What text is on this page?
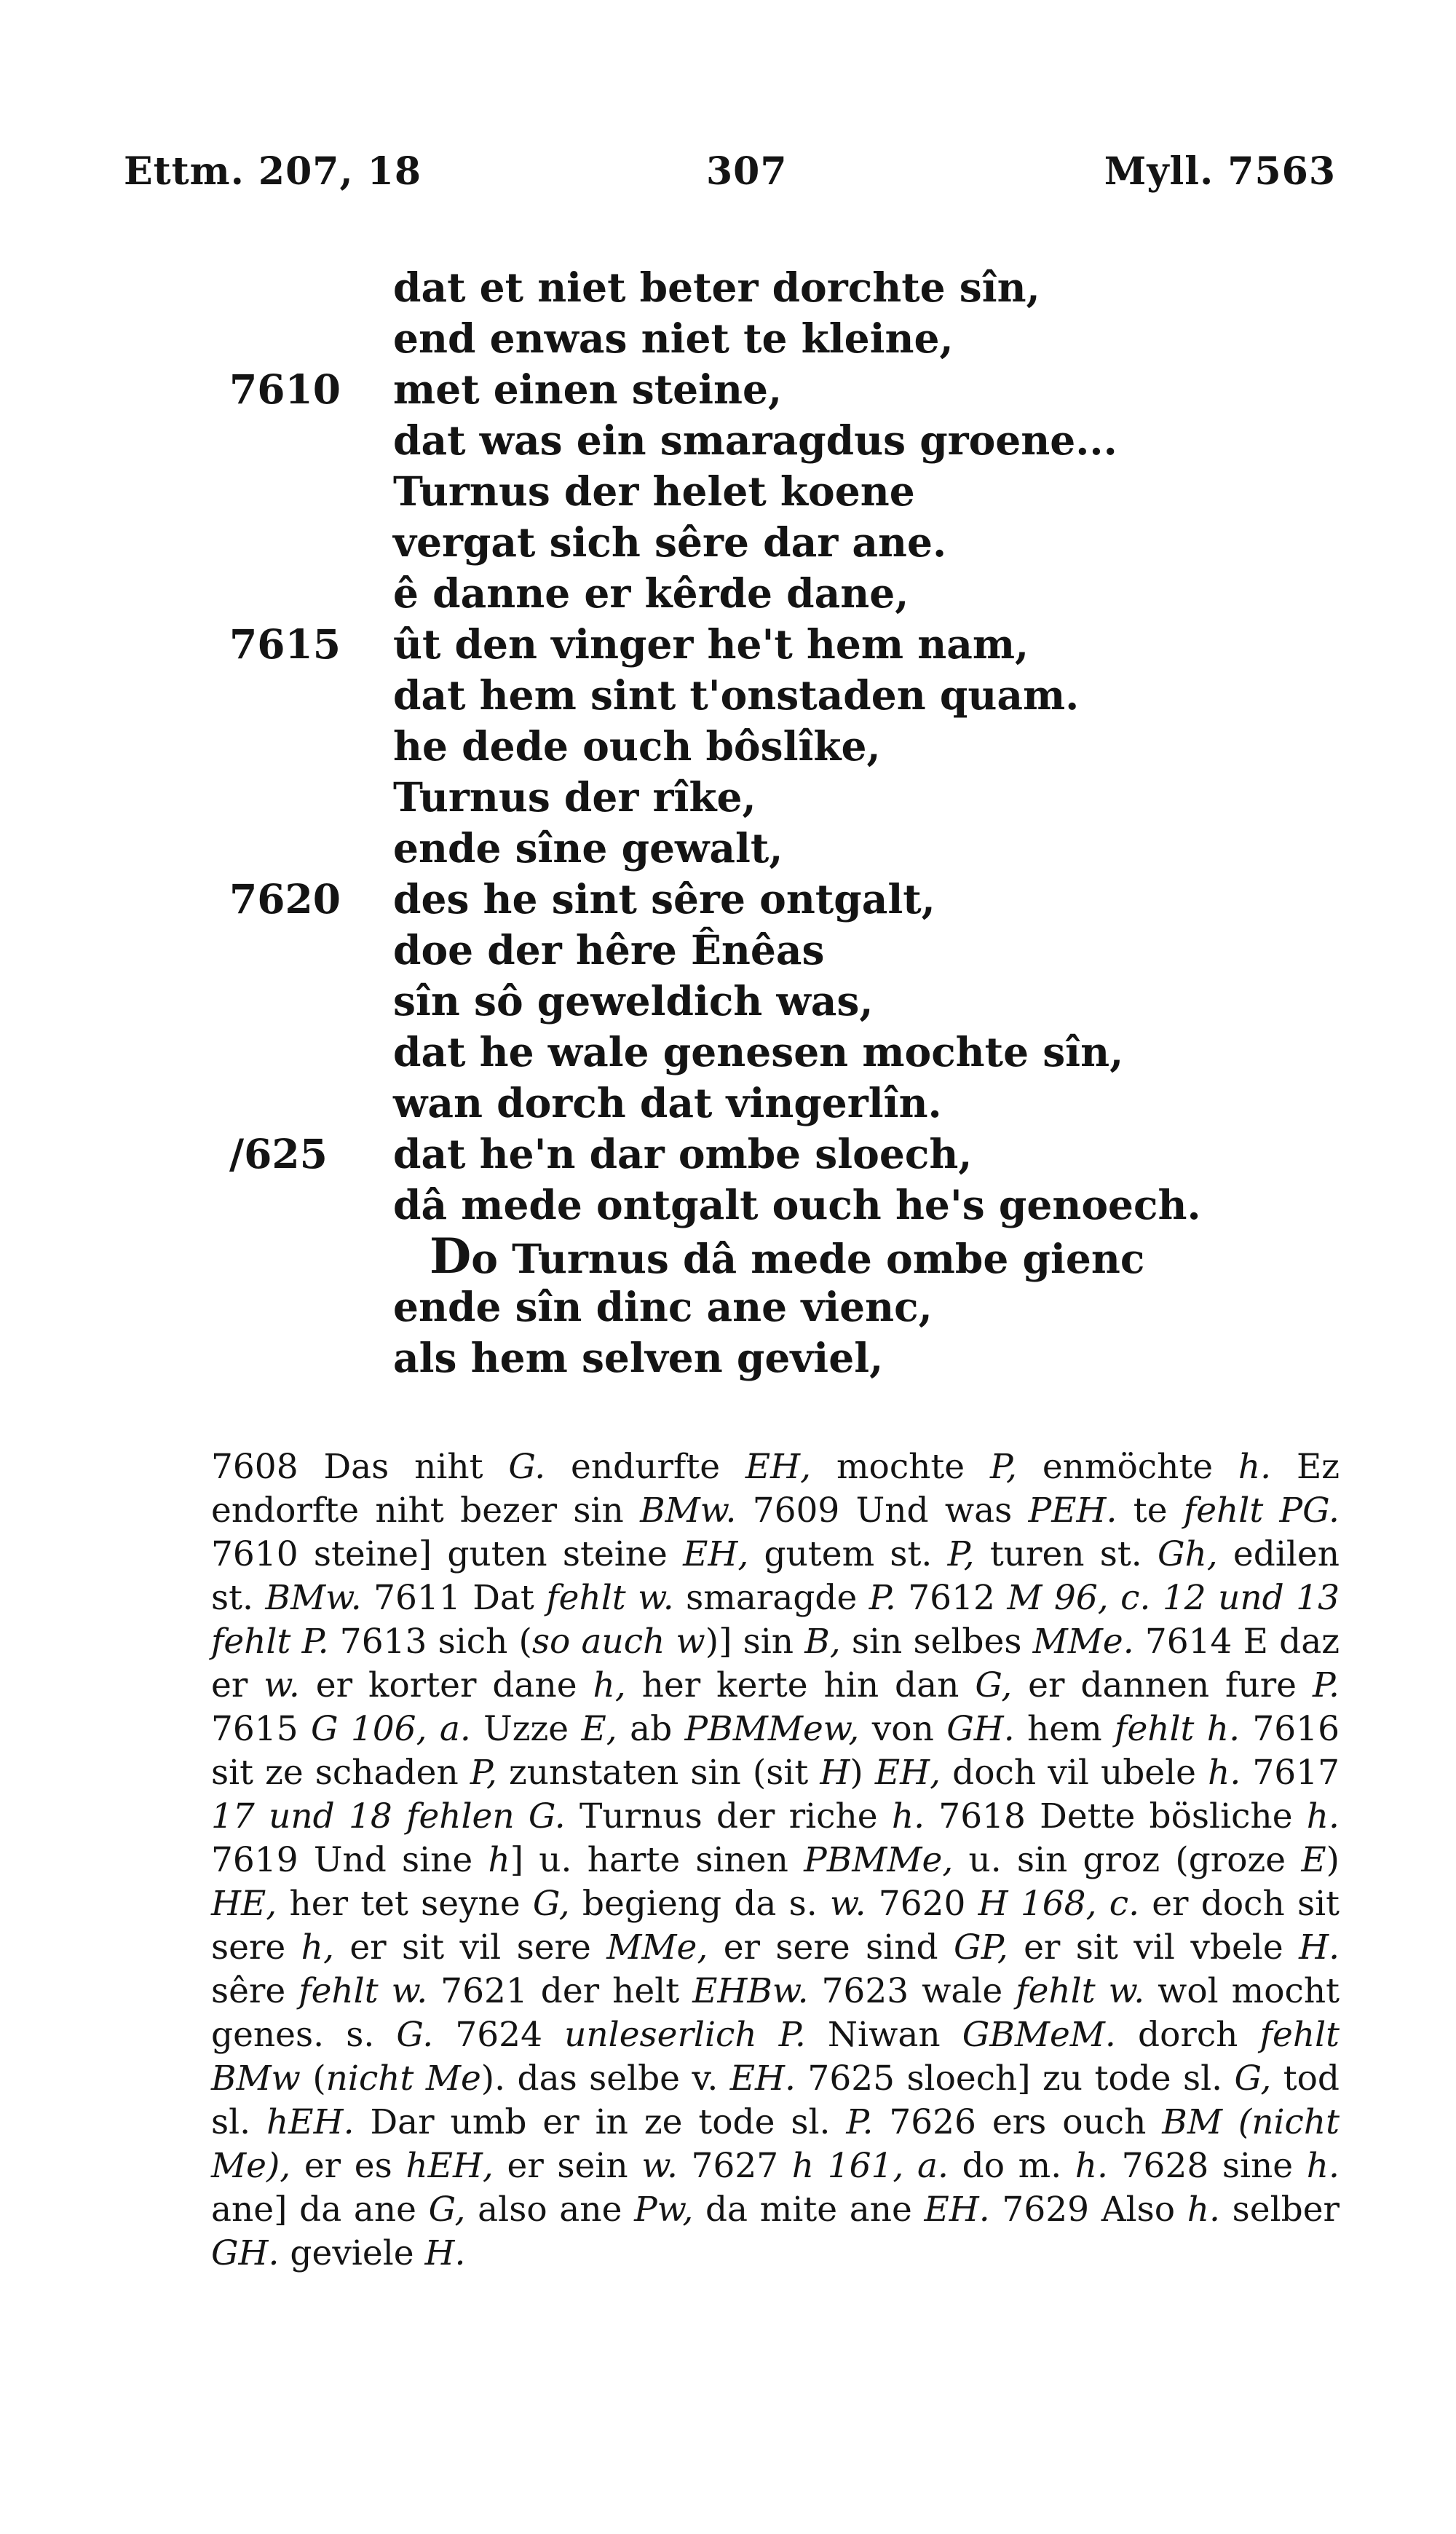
Ettm. 207, 18	307	Myll. 7563
dat et niet beter dorchte sîn,
end enwas niet te kleine,
7610 met einen steine,
dat was ein smaragdus groene...
Turnus der helet koene
vergat sich sêre dar ane.
ê danne er kêrde dane,
7615 ût den vinger he't hem nam,
dat hem sint t'onstaden quam.
he dede ouch bôslîke,
Turnus der rîke,
ende sîne gewalt,
7620 des he sint sêre ontgalt,
doe der hêre Ênêas
sîn sô geweldich was,
dat he wale genesen mochte sîn,
wan dorch dat vingerlîn.
/625	dat he'n dar ombe sloech,
dâ mede ontgalt ouch he's genoech.
Do Turnus dâ mede ombe gienc
ende sîn dinc ane vienc,
als hem selven geviel,
7608 Das niht G. endurfte EH, mochte P, enmöchte h. Ez endorfte niht bezer sin BMw. 7609 Und was PEH. te fehlt PG. 7610 steine] guten steine EH, gutem st. P, turen st. Gh, edilen st. BMw. 7611 Dat fehlt w. smaragde P. 7612 M 96, c. 12 und 13 fehlt P. 7613 sich (so auch w)] sin B, sin selbes MMe. 7614 E daz er w. er korter dane h, her kerte hin dan G, er dannen fure P. 7615 G 106, a. Uzze E, ab PBMMew, von GH. hem fehlt h. 7616 sit ze schaden P, zunstaten sin (sit H) EH, doch vil ubele h. 7617 17 und 18 fehlen G. Turnus der riche h. 7618 Dette bösliche h. 7619 Und sine h] u. harte sinen PBMMe, u. sin groz (groze E) HE, her tet seyne G, begieng da s. w. 7620 H 168, c. er doch sit sere h, er sit vil sere MMe, er sere sind GP, er sit vil vbele H. sêre fehlt w. 7621 der helt EHBw. 7623 wale fehlt w. wol mocht genes. s. G. 7624 unleserlich P. Niwan GBMeM. dorch fehlt BMw (nicht Me). das selbe v. EH. 7625 sloech] zu tode sl. G, tod sl. hEH. Dar umb er in ze tode sl. P. 7626 ers ouch BM (nicht Me), er es hEH, er sein w. 7627 h 161, a. do m. h. 7628 sine h. ane] da ane G, also ane Pw, da mite ane EH. 7629 Also h. selber GH. geviele H.
